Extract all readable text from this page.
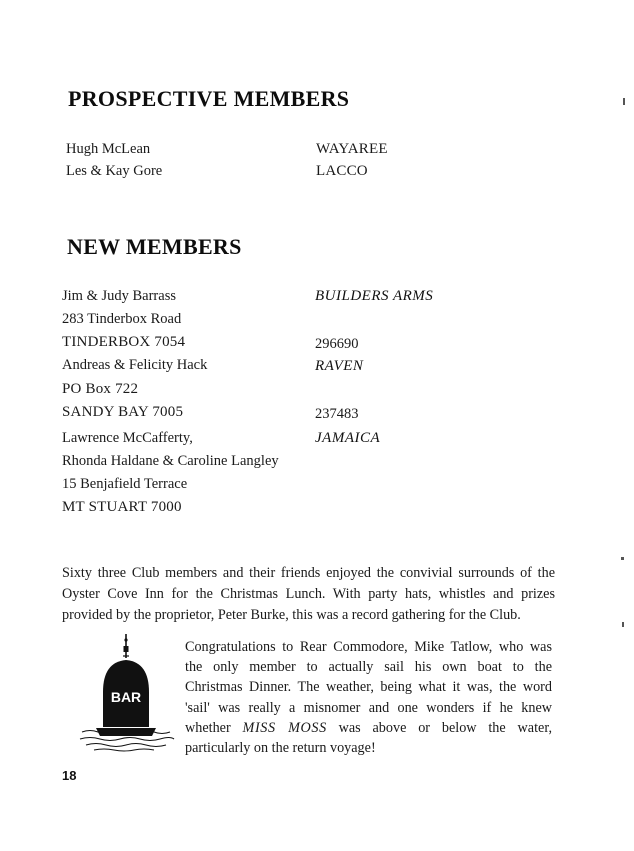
PROSPECTIVE MEMBERS
Hugh McLean	WAYAREE
Les & Kay Gore	LACCO
NEW MEMBERS
Jim & Judy Barrass
283 Tinderbox Road
TINDERBOX 7054
BUILDERS ARMS
296690
Andreas & Felicity Hack
PO Box 722
SANDY BAY 7005
RAVEN
237483
Lawrence McCafferty,
Rhonda Haldane & Caroline Langley
15 Benjafield Terrace
MT STUART 7000
JAMAICA
Sixty three Club members and their friends enjoyed the convivial surrounds of the
Oyster Cove Inn for the Christmas Lunch. With party hats, whistles and prizes
provided by the proprietor, Peter Burke, this was a record gathering for the Club.
BAR
Congratulations to Rear Commodore, Mike Tatlow, who was
the only member to actually sail his own boat to the
Christmas Dinner. The weather, being what it was, the word
'sail' was really a misnomer and one wonders if he knew
whether MISS MOSS was above or below the water,
particularly on the return voyage!
18
